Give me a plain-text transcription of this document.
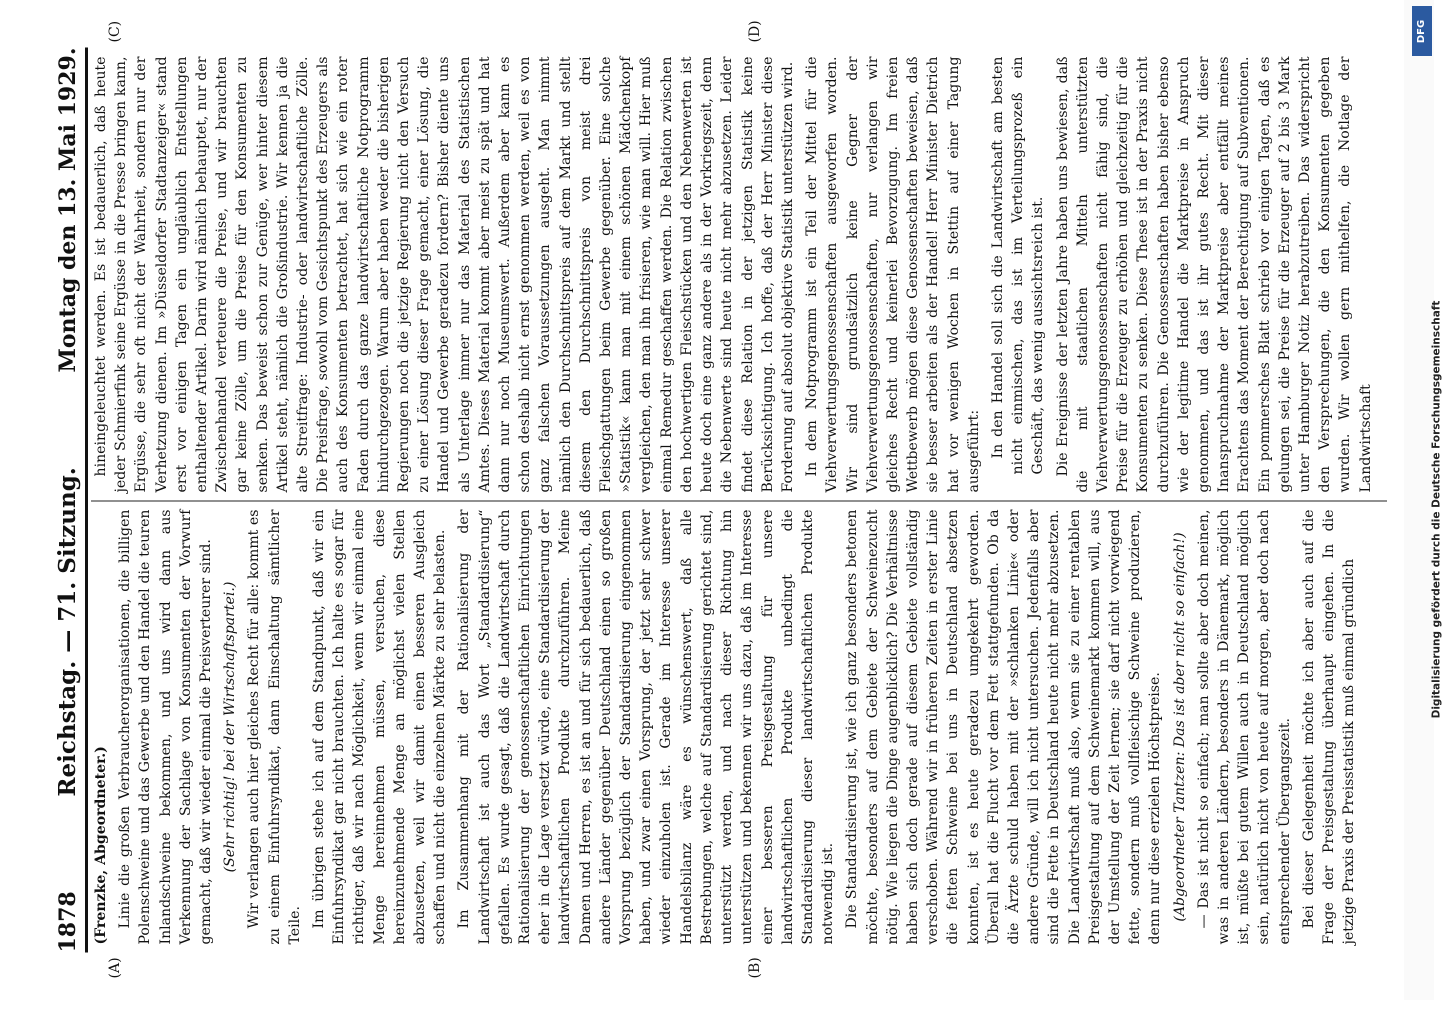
1878
Reichstag. — 71. Sitzung.
Montag den 13. Mai 1929.

(Frenzke, Abgeordneter.) Linie die großen Verbraucherorganisationen, die billigen Polenschweine und das Gewerbe und den Handel die teuren Inlandschweine bekommen, und uns wird dann aus Verkennung der Sachlage von Konsumenten der Vorwurf gemacht, daß wir wieder einmal die Preisverteurer sind. (Sehr richtig! bei der Wirtschaftspartei.) Wir verlangen auch hier gleiches Recht für alle: kommt es zu einem Einfuhrsyndikat, dann Einschaltung sämtlicher Teile. Im übrigen stehe ich auf dem Standpunkt, daß wir ein Einfuhrsyndikat gar nicht brauchten. Ich halte es sogar für richtiger, daß wir nach Möglichkeit, wenn wir einmal eine Menge hereinnehmen müssen, versuchen, diese hereinzunehmende Menge an möglichst vielen Stellen abzusetzen, weil wir damit einen besseren Ausgleich schaffen und nicht die einzelnen Märkte zu sehr belasten. Im Zusammenhang mit der Rationalisierung der Landwirtschaft ist auch das Wort „Standardisierung“ gefallen. Es wurde gesagt, daß die Landwirtschaft durch Rationalisierung der genossenschaftlichen Einrichtungen eher in die Lage versetzt würde, eine Standardisierung der landwirtschaftlichen Produkte durchzuführen. Meine Damen und Herren, es ist an und für sich bedauerlich, daß andere Länder gegenüber Deutschland einen so großen Vorsprung bezüglich der Standardisierung eingenommen haben, und zwar einen Vorsprung, der jetzt sehr schwer wieder einzuholen ist. Gerade im Interesse unserer Handelsbilanz wäre es wünschenswert, daß alle Bestrebungen, welche auf Standardisierung gerichtet sind, unterstützt werden, und nach dieser Richtung hin unterstützen und bekennen wir uns dazu, daß im Interesse einer besseren Preisgestaltung für unsere landwirtschaftlichen Produkte unbedingt die Standardisierung dieser landwirtschaftlichen Produkte notwendig ist. Die Standardisierung ist, wie ich ganz besonders betonen möchte, besonders auf dem Gebiete der Schweinezucht nötig. Wie liegen die Dinge augenblicklich? Die Verhältnisse haben sich doch gerade auf diesem Gebiete vollständig verschoben. Während wir in früheren Zeiten in erster Linie die fetten Schweine bei uns in Deutschland absetzen konnten, ist es heute geradezu umgekehrt geworden. Überall hat die Flucht vor dem Fett stattgefunden. Ob da die Ärzte schuld haben mit der »schlanken Linie« oder andere Gründe, will ich nicht untersuchen. Jedenfalls aber sind die Fette in Deutschland heute nicht mehr abzusetzen. Die Landwirtschaft muß also, wenn sie zu einer rentablen Preisgestaltung auf dem Schweinemarkt kommen will, aus der Umstellung der Zeit lernen; sie darf nicht vorwiegend fette, sondern muß vollfleischige Schweine produzieren, denn nur diese erzielen Höchstpreise. (Abgeordneter Tantzen: Das ist aber nicht so einfach!) — Das ist nicht so einfach; man sollte aber doch meinen, was in anderen Ländern, besonders in Dänemark, möglich ist, müßte bei gutem Willen auch in Deutschland möglich sein, natürlich nicht von heute auf morgen, aber doch nach entsprechender Übergangszeit. Bei dieser Gelegenheit möchte ich aber auch auf die Frage der Preisgestaltung überhaupt eingehen. In die jetzige Praxis der Preisstatistik muß einmal gründlich

hineingeleuchtet werden. Es ist bedauerlich, daß heute jeder Schmierfink seine Ergüsse in die Presse bringen kann, Ergüsse, die sehr oft nicht der Wahrheit, sondern nur der Verhetzung dienen. Im »Düsseldorfer Stadtanzeiger« stand erst vor einigen Tagen ein ungläublich Entstellungen enthaltender Artikel. Darin wird nämlich behauptet, nur der Zwischenhandel verteuere die Preise, und wir brauchten gar keine Zölle, um die Preise für den Konsumenten zu senken. Das beweist schon zur Genüge, wer hinter diesem Artikel steht, nämlich die Großindustrie. Wir kennen ja die alte Streitfrage: Industrie- oder landwirtschaftliche Zölle. Die Preisfrage, sowohl vom Gesichtspunkt des Erzeugers als auch des Konsumenten betrachtet, hat sich wie ein roter Faden durch das ganze landwirtschaftliche Notprogramm hindurchgezogen. Warum aber haben weder die bisherigen Regierungen noch die jetzige Regierung nicht den Versuch zu einer Lösung dieser Frage gemacht, einer Lösung, die Handel und Gewerbe geradezu fordern? Bisher diente uns als Unterlage immer nur das Material des Statistischen Amtes. Dieses Material kommt aber meist zu spät und hat dann nur noch Museumswert. Außerdem aber kann es schon deshalb nicht ernst genommen werden, weil es von ganz falschen Voraussetzungen ausgeht. Man nimmt nämlich den Durchschnittspreis auf dem Markt und stellt diesem den Durchschnittspreis von meist drei Fleischgattungen beim Gewerbe gegenüber. Eine solche »Statistik« kann man mit einem schönen Mädchenkopf vergleichen, den man ihn frisieren, wie man will. Hier muß einmal Remedur geschaffen werden. Die Relation zwischen den hochwertigen Fleischstücken und den Nebenwerten ist heute doch eine ganz andere als in der Vorkriegszeit, denn die Nebenwerte sind heute nicht mehr abzusetzen. Leider findet diese Relation in der jetzigen Statistik keine Berücksichtigung. Ich hoffe, daß der Herr Minister diese Forderung auf absolut objektive Statistik unterstützen wird. In dem Notprogramm ist ein Teil der Mittel für die Viehverwertungsgenossenschaften ausgeworfen worden. Wir sind grundsätzlich keine Gegner der Viehverwertungsgenossenschaften, nur verlangen wir gleiches Recht und keinerlei Bevorzugung. Im freien Wettbewerb mögen diese Genossenschaften beweisen, daß sie besser arbeiten als der Handel! Herr Minister Dietrich hat vor wenigen Wochen in Stettin auf einer Tagung ausgeführt: In den Handel soll sich die Landwirtschaft am besten nicht einmischen, das ist im Verteilungsprozeß ein Geschäft, das wenig aussichtsreich ist. Die Ereignisse der letzten Jahre haben uns bewiesen, daß die mit staatlichen Mitteln unterstützten Viehverwertungsgenossenschaften nicht fähig sind, die Preise für die Erzeuger zu erhöhen und gleichzeitig für die Konsumenten zu senken. Diese These ist in der Praxis nicht durchzuführen. Die Genossenschaften haben bisher ebenso wie der legitime Handel die Marktpreise in Anspruch genommen, und das ist ihr gutes Recht. Mit dieser Inanspruchnahme der Marktpreise aber entfällt meines Erachtens das Moment der Berechtigung auf Subventionen. Ein pommersches Blatt schrieb vor einigen Tagen, daß es gelungen sei, die Preise für die Erzeuger auf 2 bis 3 Mark unter Hamburger Notiz herabzutreiben. Das widerspricht den Versprechungen, die den Konsumenten gegeben wurden. Wir wollen gern mithelfen, die Notlage der Landwirtschaft

(A)	(B)
(C)	(D)	DFG
Digitalisierung gefördert durch die Deutsche Forschungsgemeinschaft
